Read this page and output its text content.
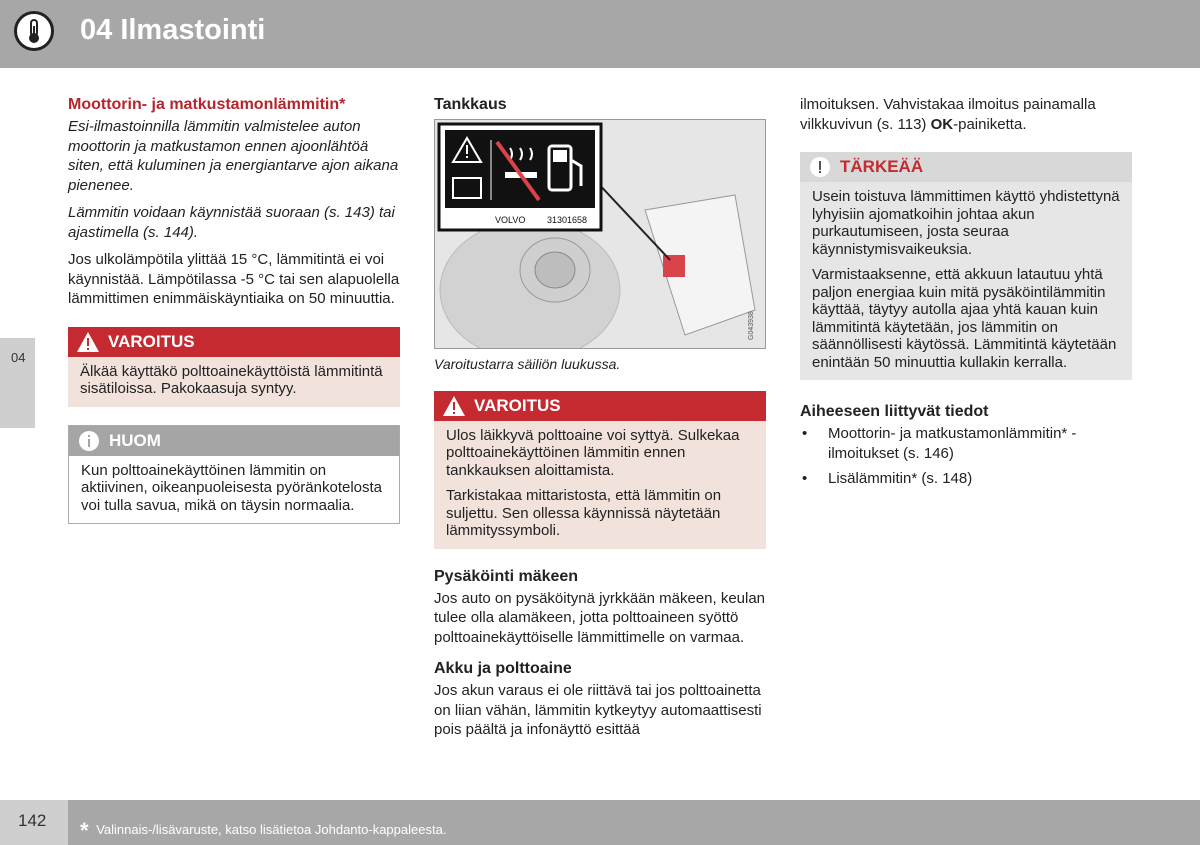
04 Ilmastointi
04
Moottorin- ja matkustamonlämmitin*

Esi-ilmastoinnilla lämmitin valmistelee auton moottorin ja matkustamon ennen ajoonlähtöä siten, että kuluminen ja energiantarve ajon aikana pienenee.

Lämmitin voidaan käynnistää suoraan (s. 143) tai ajastimella (s. 144).

Jos ulkolämpötila ylittää 15 °C, lämmitintä ei voi käynnistää. Lämpötilassa -5 °C tai sen alapuolella lämmittimen enimmäiskäyntiaika on 50 minuuttia.

VAROITUS

Älkää käyttäkö polttoainekäyttöistä lämmitintä sisätiloissa. Pakokaasuja syntyy.

HUOM

Kun polttoainekäyttöinen lämmitin on aktiivinen, oikeanpuoleisesta pyöränkotelosta voi tulla savua, mikä on täysin normaalia.

Tankkaus
VOLVO 31301658
G043938

Varoitustarra säiliön luukussa.

VAROITUS

Ulos läikkyvä polttoaine voi syttyä. Sulkekaa polttoainekäyttöinen lämmitin ennen tankkauksen aloittamista.

Tarkistakaa mittaristosta, että lämmitin on suljettu. Sen ollessa käynnissä näytetään lämmityssymboli.

Pysäköinti mäkeen

Jos auto on pysäköitynä jyrkkään mäkeen, keulan tulee olla alamäkeen, jotta polttoaineen syöttö polttoainekäyttöiselle lämmittimelle on varmaa.

Akku ja polttoaine

Jos akun varaus ei ole riittävä tai jos polttoainetta on liian vähän, lämmitin kytkeytyy automaattisesti pois päältä ja infonäyttö esittää

ilmoituksen. Vahvistakaa ilmoitus painamalla vilkkuvivun (s. 113) OK-painiketta.

TÄRKEÄÄ

Usein toistuva lämmittimen käyttö yhdistettynä lyhyisiin ajomatkoihin johtaa akun purkautumiseen, josta seuraa käynnistymisvaikeuksia.

Varmistaaksenne, että akkuun latautuu yhtä paljon energiaa kuin mitä pysäköintilämmitin käyttää, täytyy autolla ajaa yhtä kauan kuin lämmitintä käytetään, jos lämmitin on säännöllisesti käytössä. Lämmitintä käytetään enintään 50 minuuttia kullakin kerralla.

Aiheeseen liittyvät tiedot
• Moottorin- ja matkustamonlämmitin* - ilmoitukset (s. 146)
• Lisälämmitin* (s. 148)
142 * Valinnais-/lisävaruste, katso lisätietoa Johdanto-kappaleesta.
